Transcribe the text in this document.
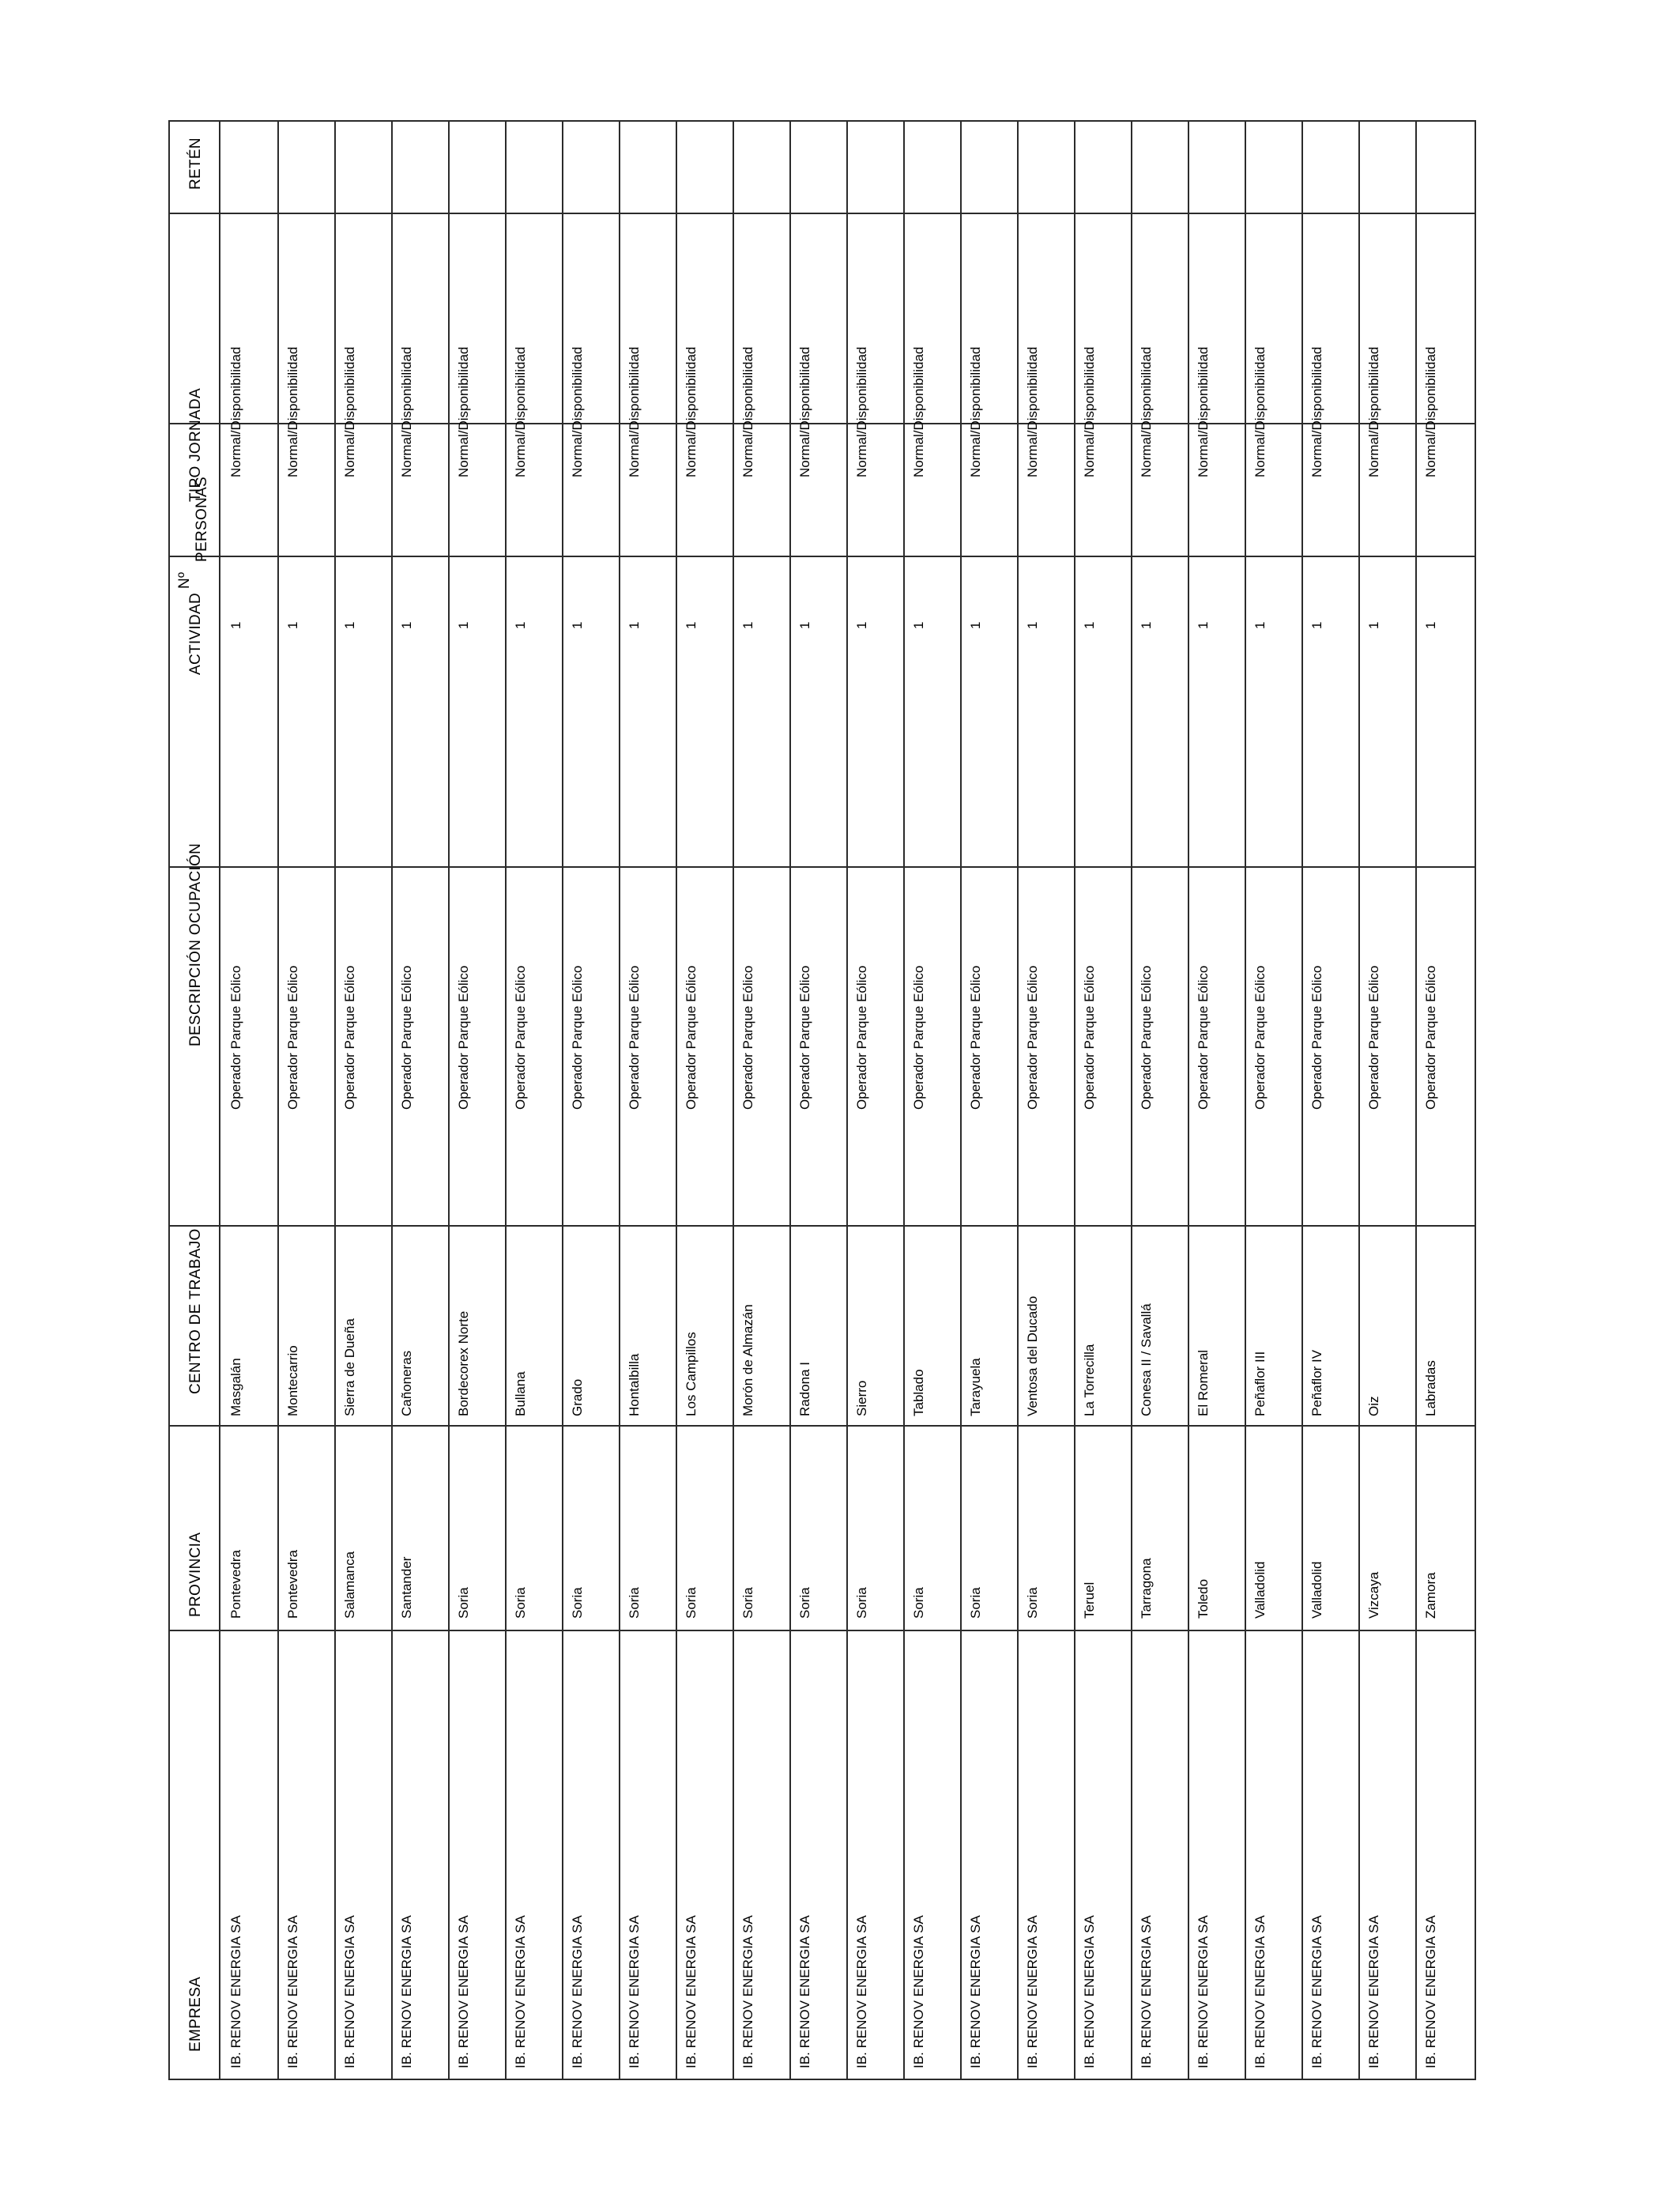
EMPRESA
PROVINCIA
CENTRO DE TRABAJO
DESCRIPCIÓN OCUPACIÓN
ACTIVIDAD
Nº
PERSONAS
TIPO JORNADA
RETÉN
IB. RENOV ENERGIA SA
Pontevedra
Masgalán
Operador Parque Eólico
1
Normal/Disponibilidad
IB. RENOV ENERGIA SA
Pontevedra
Montecarrio
Operador Parque Eólico
1
Normal/Disponibilidad
IB. RENOV ENERGIA SA
Salamanca
Sierra de Dueña
Operador Parque Eólico
1
Normal/Disponibilidad
IB. RENOV ENERGIA SA
Santander
Cañoneras
Operador Parque Eólico
1
Normal/Disponibilidad
IB. RENOV ENERGIA SA
Soria
Bordecorex Norte
Operador Parque Eólico
1
Normal/Disponibilidad
IB. RENOV ENERGIA SA
Soria
Bullana
Operador Parque Eólico
1
Normal/Disponibilidad
IB. RENOV ENERGIA SA
Soria
Grado
Operador Parque Eólico
1
Normal/Disponibilidad
IB. RENOV ENERGIA SA
Soria
Hontalbilla
Operador Parque Eólico
1
Normal/Disponibilidad
IB. RENOV ENERGIA SA
Soria
Los Campillos
Operador Parque Eólico
1
Normal/Disponibilidad
IB. RENOV ENERGIA SA
Soria
Morón de Almazán
Operador Parque Eólico
1
Normal/Disponibilidad
IB. RENOV ENERGIA SA
Soria
Radona I
Operador Parque Eólico
1
Normal/Disponibilidad
IB. RENOV ENERGIA SA
Soria
Sierro
Operador Parque Eólico
1
Normal/Disponibilidad
IB. RENOV ENERGIA SA
Soria
Tablado
Operador Parque Eólico
1
Normal/Disponibilidad
IB. RENOV ENERGIA SA
Soria
Tarayuela
Operador Parque Eólico
1
Normal/Disponibilidad
IB. RENOV ENERGIA SA
Soria
Ventosa del Ducado
Operador Parque Eólico
1
Normal/Disponibilidad
IB. RENOV ENERGIA SA
Teruel
La Torrecilla
Operador Parque Eólico
1
Normal/Disponibilidad
IB. RENOV ENERGIA SA
Tarragona
Conesa II / Savallá
Operador Parque Eólico
1
Normal/Disponibilidad
IB. RENOV ENERGIA SA
Toledo
El Romeral
Operador Parque Eólico
1
Normal/Disponibilidad
IB. RENOV ENERGIA SA
Valladolid
Peñaflor III
Operador Parque Eólico
1
Normal/Disponibilidad
IB. RENOV ENERGIA SA
Valladolid
Peñaflor IV
Operador Parque Eólico
1
Normal/Disponibilidad
IB. RENOV ENERGIA SA
Vizcaya
Oiz
Operador Parque Eólico
1
Normal/Disponibilidad
IB. RENOV ENERGIA SA
Zamora
Labradas
Operador Parque Eólico
1
Normal/Disponibilidad
